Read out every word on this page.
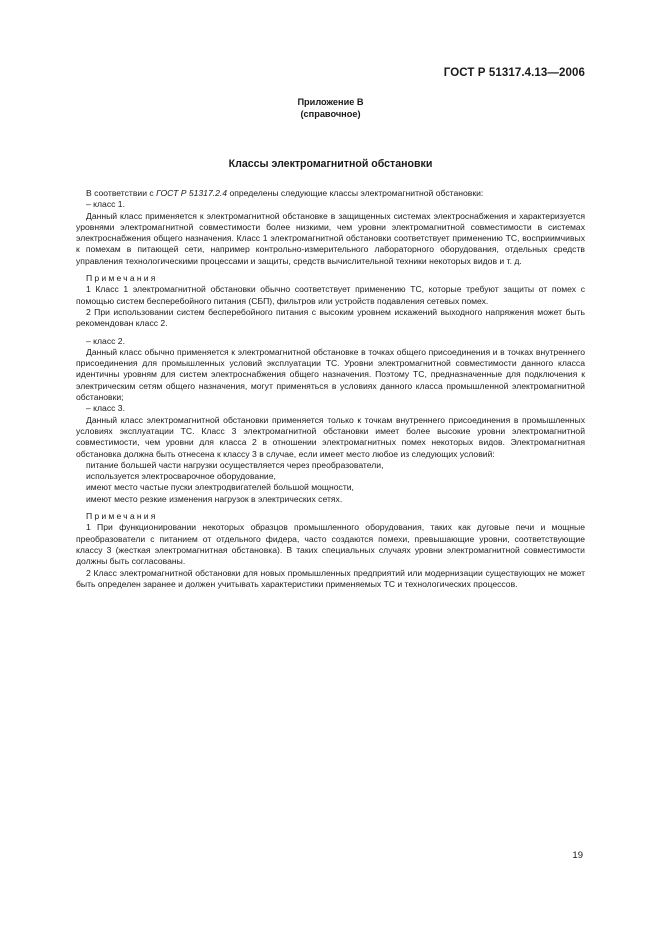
ГОСТ Р 51317.4.13—2006
Приложение В
(справочное)
Классы электромагнитной обстановки

В соответствии с ГОСТ Р 51317.2.4 определены следующие классы электромагнитной обстановки:

– класс 1.

Данный класс применяется к электромагнитной обстановке в защищенных системах электроснабжения и характеризуется уровнями электромагнитной совместимости более низкими, чем уровни электромагнитной совместимости в системах электроснабжения общего назначения. Класс 1 электромагнитной обстановки соответствует применению ТС, восприимчивых к помехам в питающей сети, например контрольно-измерительного лабораторного оборудования, отдельных средств управления технологическими процессами и защиты, средств вычислительной техники некоторых видов и т. д.

Примечания

1 Класс 1 электромагнитной обстановки обычно соответствует применению ТС, которые требуют защиты от помех с помощью систем бесперебойного питания (СБП), фильтров или устройств подавления сетевых помех.

2 При использовании систем бесперебойного питания с высоким уровнем искажений выходного напряжения может быть рекомендован класс 2.

– класс 2.

Данный класс обычно применяется к электромагнитной обстановке в точках общего присоединения и в точках внутреннего присоединения для промышленных условий эксплуатации ТС. Уровни электромагнитной совместимости данного класса идентичны уровням для систем электроснабжения общего назначения. Поэтому ТС, предназначенные для подключения к электрическим сетям общего назначения, могут применяться в условиях данного класса промышленной электромагнитной обстановки;

– класс 3.

Данный класс электромагнитной обстановки применяется только к точкам внутреннего присоединения в промышленных условиях эксплуатации ТС. Класс 3 электромагнитной обстановки имеет более высокие уровни электромагнитной совместимости, чем уровни для класса 2 в отношении электромагнитных помех некоторых видов. Электромагнитная обстановка должна быть отнесена к классу 3 в случае, если имеет место любое из следующих условий:

питание большей части нагрузки осуществляется через преобразователи,

используется электросварочное оборудование,

имеют место частые пуски электродвигателей большой мощности,

имеют место резкие изменения нагрузок в электрических сетях.

Примечания

1 При функционировании некоторых образцов промышленного оборудования, таких как дуговые печи и мощные преобразователи с питанием от отдельного фидера, часто создаются помехи, превышающие уровни, соответствующие классу 3 (жесткая электромагнитная обстановка). В таких специальных случаях уровни электромагнитной совместимости должны быть согласованы.

2 Класс электромагнитной обстановки для новых промышленных предприятий или модернизации существующих не может быть определен заранее и должен учитывать характеристики применяемых ТС и технологических процессов.

19
